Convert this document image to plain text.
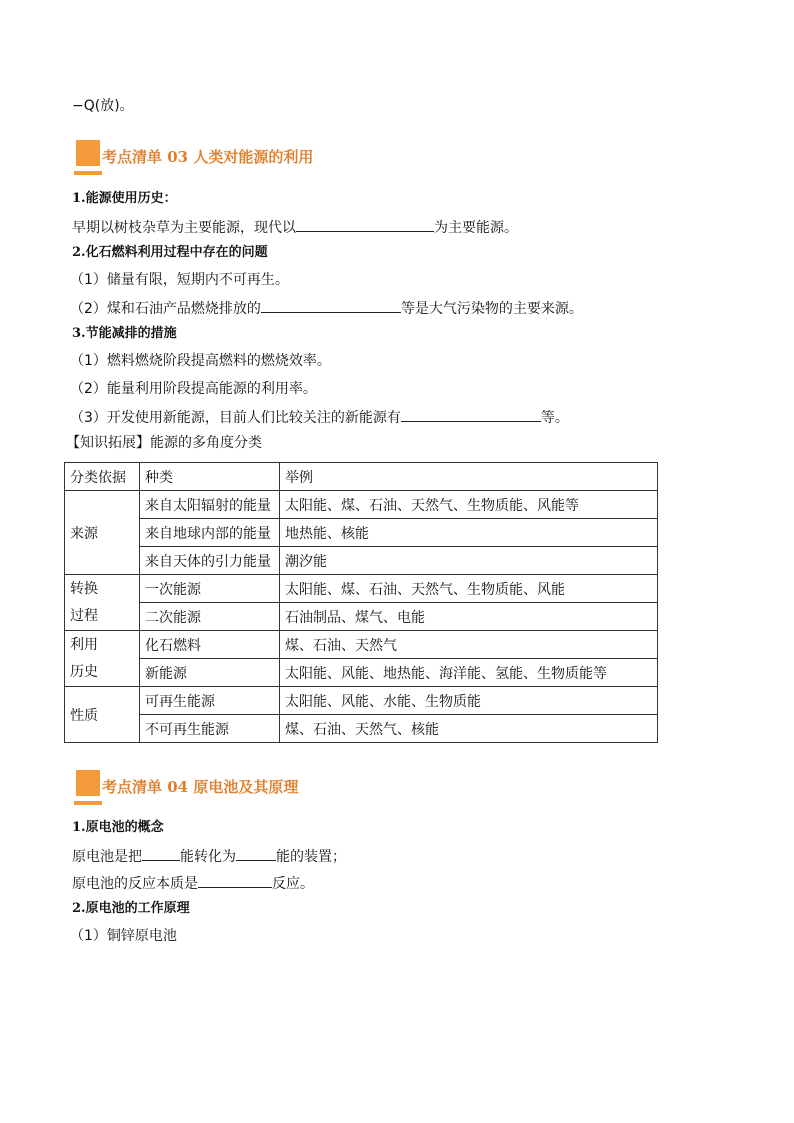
−Q(放)。
考点清单 03 人类对能源的利用
1.能源使用历史：
早期以树枝杂草为主要能源，现代以	为主要能源。
2.化石燃料利用过程中存在的问题
（1）储量有限，短期内不可再生。
（2）煤和石油产品燃烧排放的	等是大气污染物的主要来源。
3.节能减排的措施
（1）燃料燃烧阶段提高燃料的燃烧效率。
（2）能量利用阶段提高能源的利用率。
（3）开发使用新能源，目前人们比较关注的新能源有	等。
【知识拓展】能源的多角度分类
分类依据	种类	举例
来源	来自太阳辐射的能量	太阳能、煤、石油、天然气、生物质能、风能等
	来自地球内部的能量	地热能、核能
	来自天体的引力能量	潮汐能

转换
过程	一次能源	太阳能、煤、石油、天然气、生物质能、风能
	二次能源	石油制品、煤气、电能

利用
历史	化石燃料	煤、石油、天然气
	新能源	太阳能、风能、地热能、海洋能、氢能、生物质能等
性质	可再生能源	太阳能、风能、水能、生物质能
	不可再生能源	煤、石油、天然气、核能
考点清单 04 原电池及其原理
1.原电池的概念
原电池是把	能转化为	能的装置；
原电池的反应本质是	反应。
2.原电池的工作原理
（1）铜锌原电池
